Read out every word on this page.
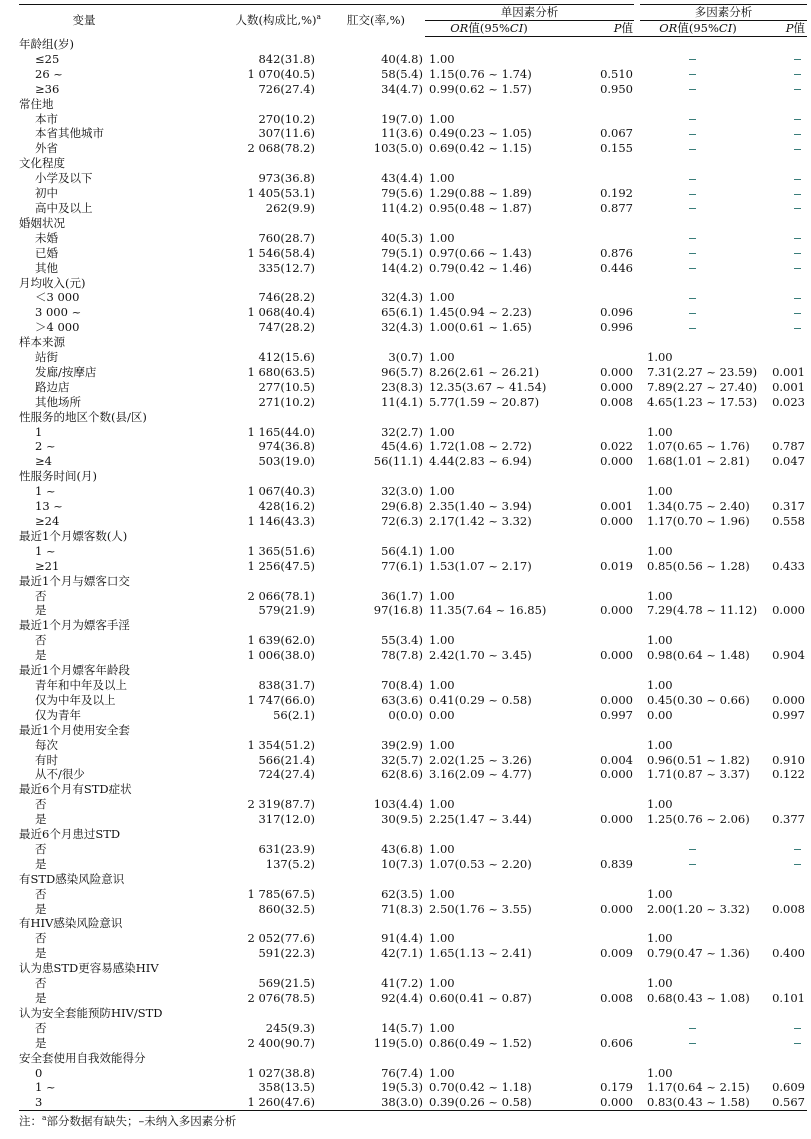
变量	人数(构成比,%)$^a$	肛交(率,%)	单因素分析		多因素分析	
			OR值(95%CI)	P值	OR值(95%CI)	P值
年龄组(岁)						
≤25	842(31.8)	40(4.8)	1.00			
26 ~	1 070(40.5)	58(5.4)	1.15(0.76 ~ 1.74)	0.510		
≥36	726(27.4)	34(4.7)	0.99(0.62 ~ 1.57)	0.950		
常住地						
本市	270(10.2)	19(7.0)	1.00			
本省其他城市	307(11.6)	11(3.6)	0.49(0.23 ~ 1.05)	0.067		
外省	2 068(78.2)	103(5.0)	0.69(0.42 ~ 1.15)	0.155		
文化程度						
小学及以下	973(36.8)	43(4.4)	1.00			
初中	1 405(53.1)	79(5.6)	1.29(0.88 ~ 1.89)	0.192		
高中及以上	262(9.9)	11(4.2)	0.95(0.48 ~ 1.87)	0.877		
婚姻状况						
未婚	760(28.7)	40(5.3)	1.00			
已婚	1 546(58.4)	79(5.1)	0.97(0.66 ~ 1.43)	0.876		
其他	335(12.7)	14(4.2)	0.79(0.42 ~ 1.46)	0.446		
月均收入(元)						
＜3 000	746(28.2)	32(4.3)	1.00			
3 000 ~	1 068(40.4)	65(6.1)	1.45(0.94 ~ 2.23)	0.096		
＞4 000	747(28.2)	32(4.3)	1.00(0.61 ~ 1.65)	0.996		
样本来源						
站街	412(15.6)	3(0.7)	1.00		1.00	
发廊/按摩店	1 680(63.5)	96(5.7)	8.26(2.61 ~ 26.21)	0.000	7.31(2.27 ~ 23.59)	0.001
路边店	277(10.5)	23(8.3)	12.35(3.67 ~ 41.54)	0.000	7.89(2.27 ~ 27.40)	0.001
其他场所	271(10.2)	11(4.1)	5.77(1.59 ~ 20.87)	0.008	4.65(1.23 ~ 17.53)	0.023
性服务的地区个数(县/区)						
1	1 165(44.0)	32(2.7)	1.00		1.00	
2 ~	974(36.8)	45(4.6)	1.72(1.08 ~ 2.72)	0.022	1.07(0.65 ~ 1.76)	0.787
≥4	503(19.0)	56(11.1)	4.44(2.83 ~ 6.94)	0.000	1.68(1.01 ~ 2.81)	0.047
性服务时间(月)						
1 ~	1 067(40.3)	32(3.0)	1.00		1.00	
13 ~	428(16.2)	29(6.8)	2.35(1.40 ~ 3.94)	0.001	1.34(0.75 ~ 2.40)	0.317
≥24	1 146(43.3)	72(6.3)	2.17(1.42 ~ 3.32)	0.000	1.17(0.70 ~ 1.96)	0.558
最近1个月嫖客数(人)						
1 ~	1 365(51.6)	56(4.1)	1.00		1.00	
≥21	1 256(47.5)	77(6.1)	1.53(1.07 ~ 2.17)	0.019	0.85(0.56 ~ 1.28)	0.433
最近1个月与嫖客口交						
否	2 066(78.1)	36(1.7)	1.00		1.00	
是	579(21.9)	97(16.8)	11.35(7.64 ~ 16.85)	0.000	7.29(4.78 ~ 11.12)	0.000
最近1个月为嫖客手淫						
否	1 639(62.0)	55(3.4)	1.00		1.00	
是	1 006(38.0)	78(7.8)	2.42(1.70 ~ 3.45)	0.000	0.98(0.64 ~ 1.48)	0.904
最近1个月嫖客年龄段						
青年和中年及以上	838(31.7)	70(8.4)	1.00		1.00	
仅为中年及以上	1 747(66.0)	63(3.6)	0.41(0.29 ~ 0.58)	0.000	0.45(0.30 ~ 0.66)	0.000
仅为青年	56(2.1)	0(0.0)	0.00	0.997	0.00	0.997
最近1个月使用安全套						
每次	1 354(51.2)	39(2.9)	1.00		1.00	
有时	566(21.4)	32(5.7)	2.02(1.25 ~ 3.26)	0.004	0.96(0.51 ~ 1.82)	0.910
从不/很少	724(27.4)	62(8.6)	3.16(2.09 ~ 4.77)	0.000	1.71(0.87 ~ 3.37)	0.122
最近6个月有STD症状						
否	2 319(87.7)	103(4.4)	1.00		1.00	
是	317(12.0)	30(9.5)	2.25(1.47 ~ 3.44)	0.000	1.25(0.76 ~ 2.06)	0.377
最近6个月患过STD						
否	631(23.9)	43(6.8)	1.00			
是	137(5.2)	10(7.3)	1.07(0.53 ~ 2.20)	0.839		
有STD感染风险意识						
否	1 785(67.5)	62(3.5)	1.00		1.00	
是	860(32.5)	71(8.3)	2.50(1.76 ~ 3.55)	0.000	2.00(1.20 ~ 3.32)	0.008
有HIV感染风险意识						
否	2 052(77.6)	91(4.4)	1.00		1.00	
是	591(22.3)	42(7.1)	1.65(1.13 ~ 2.41)	0.009	0.79(0.47 ~ 1.36)	0.400
认为患STD更容易感染HIV						
否	569(21.5)	41(7.2)	1.00		1.00	
是	2 076(78.5)	92(4.4)	0.60(0.41 ~ 0.87)	0.008	0.68(0.43 ~ 1.08)	0.101
认为安全套能预防HIV/STD						
否	245(9.3)	14(5.7)	1.00			
是	2 400(90.7)	119(5.0)	0.86(0.49 ~ 1.52)	0.606		
安全套使用自我效能得分						
0	1 027(38.8)	76(7.4)	1.00		1.00	
1 ~	358(13.5)	19(5.3)	0.70(0.42 ~ 1.18)	0.179	1.17(0.64 ~ 2.15)	0.609
3	1 260(47.6)	38(3.0)	0.39(0.26 ~ 0.58)	0.000	0.83(0.43 ~ 1.58)	0.567
注：$^a$部分数据有缺失；–未纳入多因素分析
